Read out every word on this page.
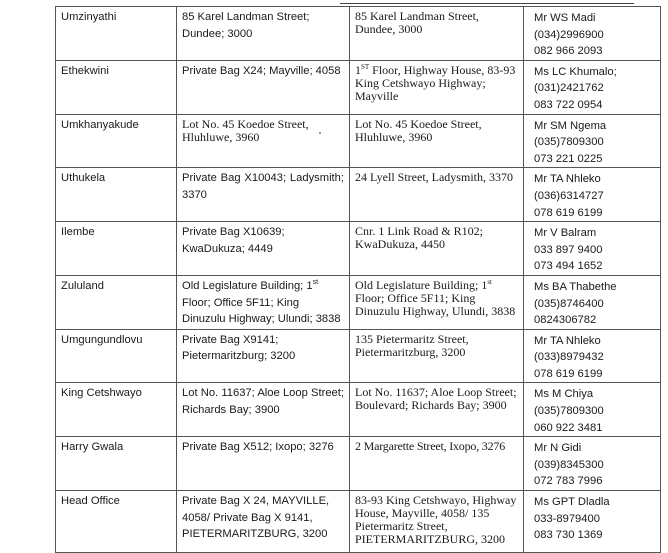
Umzinyathi	85 Karel Landman Street; Dundee; 3000	85 Karel Landman Street, Dundee, 3000	Mr WS Madi
(034)2996900
082 966 2093

Ethekwini	Private Bag X24; Mayville; 4058	1ST Floor, Highway House, 83-93 King Cetshwayo Highway; Mayville	Ms LC Khumalo;
(031)2421762
083 722 0954

Umkhanyakude	Lot No. 45 Koedoe Street, Hluhluwe, 3960	Lot No. 45 Koedoe Street, Hluhluwe, 3960	Mr SM Ngema
(035)7809300
073 221 0225

Uthukela	Private Bag X10043; Ladysmith; 3370	24 Lyell Street, Ladysmith, 3370	Mr TA Nhleko
(036)6314727
078 619 6199

Ilembe	Private Bag X10639; KwaDukuza; 4449	Cnr. 1 Link Road & R102; KwaDukuza, 4450	Mr V Balram
033 897 9400
073 494 1652

Zululand	Old Legislature Building; 1st Floor; Office 5F11; King Dinuzulu Highway; Ulundi; 3838	Old Legislature Building; 1st Floor; Office 5F11; King Dinuzulu Highway, Ulundi, 3838	Ms BA Thabethe
(035)8746400
0824306782

Umgungundlovu	Private Bag X9141; Pietermaritzburg; 3200	135 Pietermaritz Street, Pietermaritzburg, 3200	Mr TA Nhleko
(033)8979432
078 619 6199

King Cetshwayo	Lot No. 11637; Aloe Loop Street; Richards Bay; 3900	Lot No. 11637; Aloe Loop Street; Boulevard; Richards Bay; 3900	Ms M Chiya
(035)7809300
060 922 3481

Harry Gwala	Private Bag X512; Ixopo; 3276	2 Margarette Street, Ixopo, 3276	Mr N Gidi
(039)8345300
072 783 7996

Head Office	Private Bag X 24, MAYVILLE, 4058/ Private Bag X 9141, PIETERMARITZBURG, 3200	83-93 King Cetshwayo, Highway House, Mayville, 4058/ 135 Pietermaritz Street, PIETERMARITZBURG, 3200	Ms GPT Dladla
033-8979400
083 730 1369
